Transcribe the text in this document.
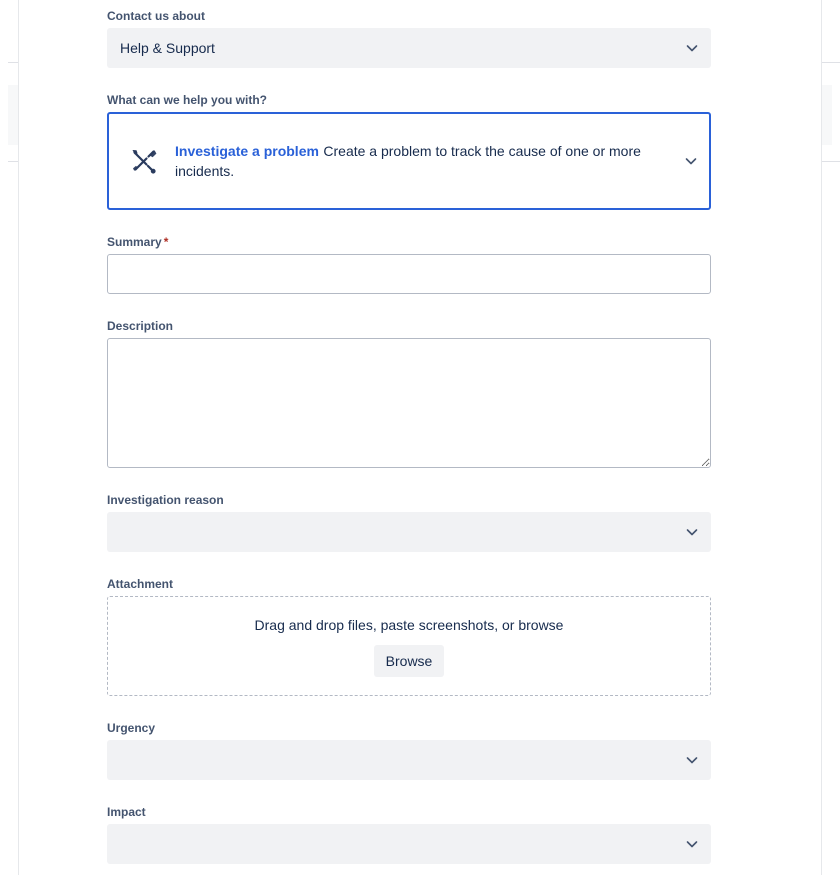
Contact us about
Help & Support
What can we help you with?
Investigate a problem Create a problem to track the cause of one or more incidents.
Summary *
Description
Investigation reason
Attachment
Drag and drop files, paste screenshots, or browse
Browse
Urgency
Impact
